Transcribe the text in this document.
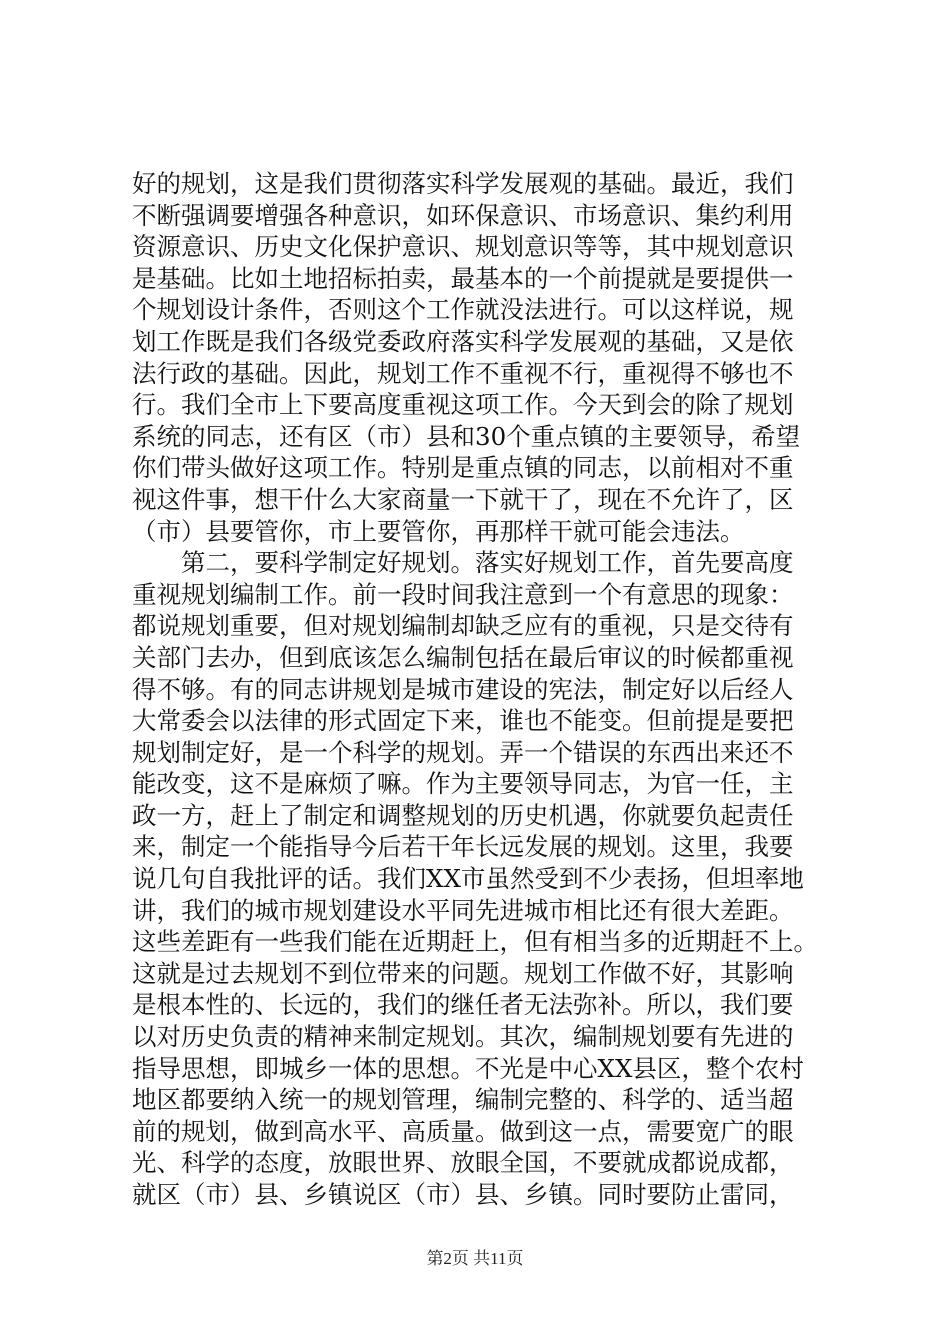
好的规划，这是我们贯彻落实科学发展观的基础。最近，我们
不断强调要增强各种意识，如环保意识、市场意识、集约利用
资源意识、历史文化保护意识、规划意识等等，其中规划意识
是基础。比如土地招标拍卖，最基本的一个前提就是要提供一
个规划设计条件，否则这个工作就没法进行。可以这样说，规
划工作既是我们各级党委政府落实科学发展观的基础，又是依
法行政的基础。因此，规划工作不重视不行，重视得不够也不
行。我们全市上下要高度重视这项工作。今天到会的除了规划
系统的同志，还有区（市）县和30个重点镇的主要领导，希望
你们带头做好这项工作。特别是重点镇的同志，以前相对不重
视这件事，想干什么大家商量一下就干了，现在不允许了，区
（市）县要管你，市上要管你，再那样干就可能会违法。
　　第二，要科学制定好规划。落实好规划工作，首先要高度
重视规划编制工作。前一段时间我注意到一个有意思的现象：
都说规划重要，但对规划编制却缺乏应有的重视，只是交待有
关部门去办，但到底该怎么编制包括在最后审议的时候都重视
得不够。有的同志讲规划是城市建设的宪法，制定好以后经人
大常委会以法律的形式固定下来，谁也不能变。但前提是要把
规划制定好，是一个科学的规划。弄一个错误的东西出来还不
能改变，这不是麻烦了嘛。作为主要领导同志，为官一任，主
政一方，赶上了制定和调整规划的历史机遇，你就要负起责任
来，制定一个能指导今后若干年长远发展的规划。这里，我要
说几句自我批评的话。我们XX市虽然受到不少表扬，但坦率地
讲，我们的城市规划建设水平同先进城市相比还有很大差距。
这些差距有一些我们能在近期赶上，但有相当多的近期赶不上。
这就是过去规划不到位带来的问题。规划工作做不好，其影响
是根本性的、长远的，我们的继任者无法弥补。所以，我们要
以对历史负责的精神来制定规划。其次，编制规划要有先进的
指导思想，即城乡一体的思想。不光是中心XX县区，整个农村
地区都要纳入统一的规划管理，编制完整的、科学的、适当超
前的规划，做到高水平、高质量。做到这一点，需要宽广的眼
光、科学的态度，放眼世界、放眼全国，不要就成都说成都，
就区（市）县、乡镇说区（市）县、乡镇。同时要防止雷同，
第2页 共11页
